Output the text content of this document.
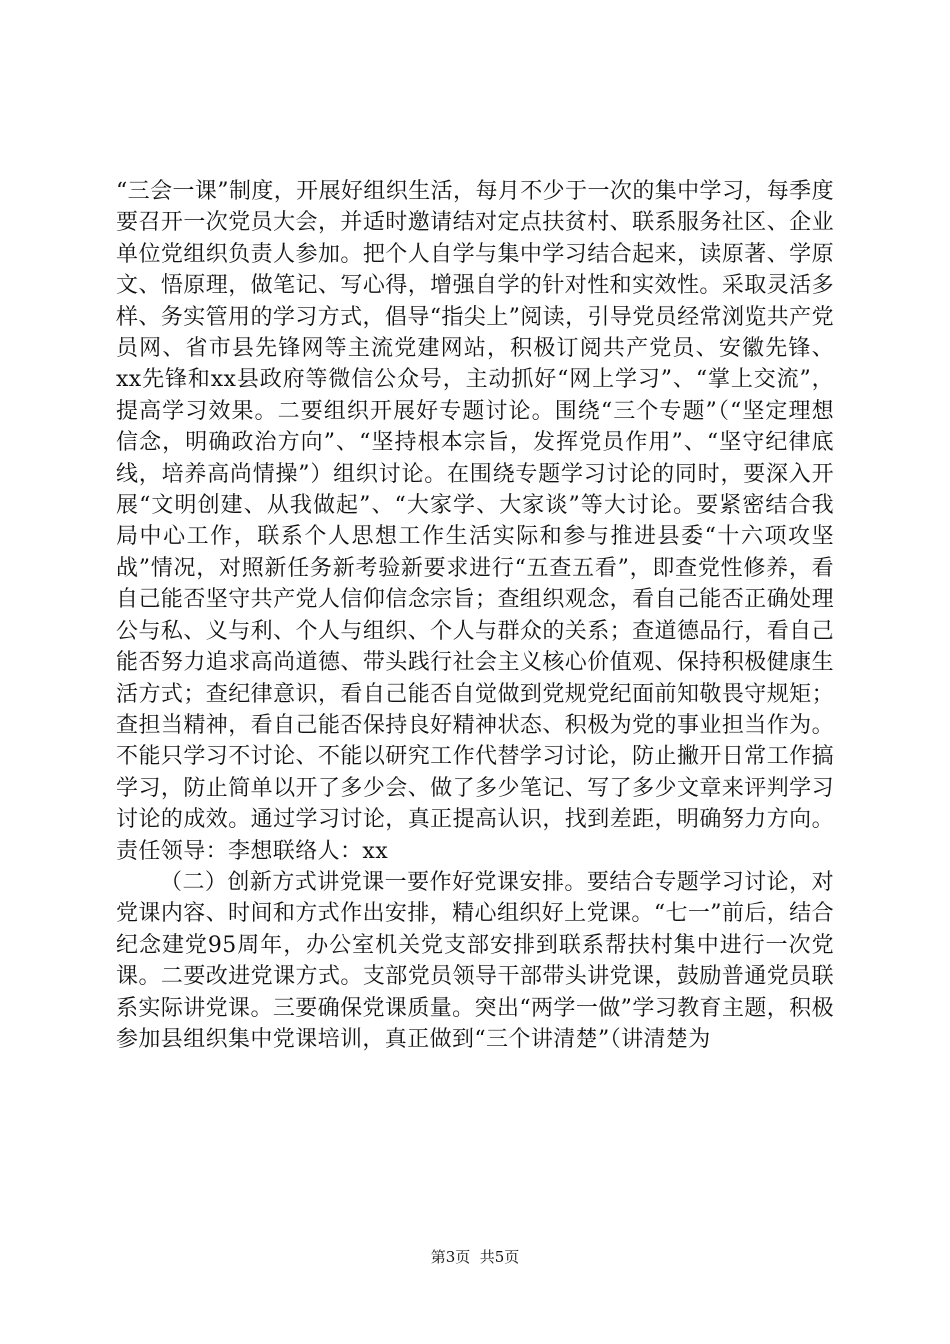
“三会一课”制度，开展好组织生活，每月不少于一次的集中学习，每季度要召开一次党员大会，并适时邀请结对定点扶贫村、联系服务社区、企业单位党组织负责人参加。把个人自学与集中学习结合起来，读原著、学原文、悟原理，做笔记、写心得，增强自学的针对性和实效性。采取灵活多样、务实管用的学习方式，倡导“指尖上”阅读，引导党员经常浏览共产党员网、省市县先锋网等主流党建网站，积极订阅共产党员、安徽先锋、xx先锋和xx县政府等微信公众号，主动抓好“网上学习”、“掌上交流”，提高学习效果。二要组织开展好专题讨论。围绕“三个专题”（“坚定理想信念，明确政治方向”、“坚持根本宗旨，发挥党员作用”、“坚守纪律底线，培养高尚情操”）组织讨论。在围绕专题学习讨论的同时，要深入开展“文明创建、从我做起”、“大家学、大家谈”等大讨论。要紧密结合我局中心工作，联系个人思想工作生活实际和参与推进县委“十六项攻坚战”情况，对照新任务新考验新要求进行“五查五看”，即查党性修养，看自己能否坚守共产党人信仰信念宗旨；查组织观念，看自己能否正确处理公与私、义与利、个人与组织、个人与群众的关系；查道德品行，看自己能否努力追求高尚道德、带头践行社会主义核心价值观、保持积极健康生活方式；查纪律意识，看自己能否自觉做到党规党纪面前知敬畏守规矩；查担当精神，看自己能否保持良好精神状态、积极为党的事业担当作为。不能只学习不讨论、不能以研究工作代替学习讨论，防止撇开日常工作搞学习，防止简单以开了多少会、做了多少笔记、写了多少文章来评判学习讨论的成效。通过学习讨论，真正提高认识，找到差距，明确努力方向。责任领导：李想联络人：xx

（二）创新方式讲党课一要作好党课安排。要结合专题学习讨论，对党课内容、时间和方式作出安排，精心组织好上党课。“七一”前后，结合纪念建党95周年，办公室机关党支部安排到联系帮扶村集中进行一次党课。二要改进党课方式。支部党员领导干部带头讲党课，鼓励普通党员联系实际讲党课。三要确保党课质量。突出“两学一做”学习教育主题，积极参加县组织集中党课培训，真正做到“三个讲清楚”（讲清楚为

第3页  共5页
